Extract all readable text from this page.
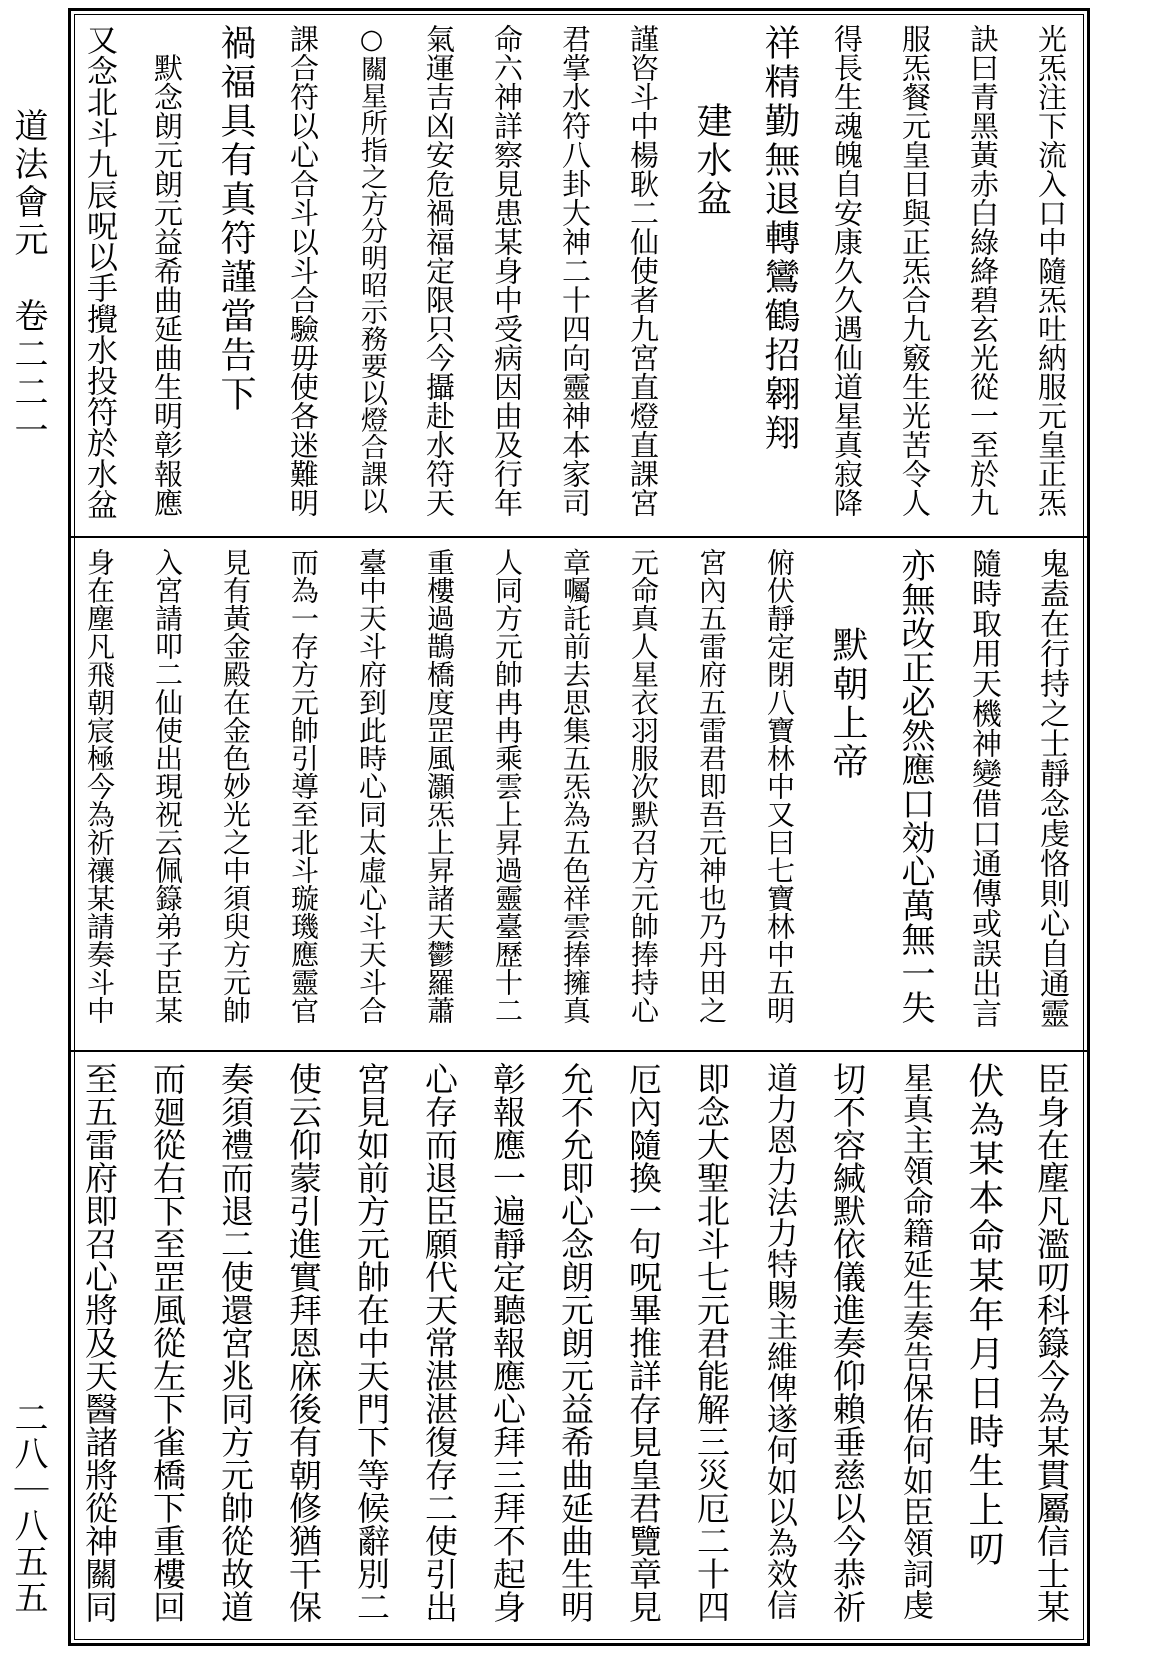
道法會元　卷二二一
二八｜八五五
光炁注下流入口中隨炁吐納服元皇正炁
訣曰青黑黃赤白綠絳碧玄光從一至於九
服炁餐元皇日與正炁合九竅生光苦令人
得長生魂魄自安康久久遇仙道星真寂降
祥精勤無退轉鸞鶴招翱翔
　　建水盆
謹咨斗中楊耿二仙使者九宮直燈直課宮
君掌水符八卦大神二十四向靈神本家司
命六神詳察見患某身中受病因由及行年
氣運吉凶安危禍福定限只今攝赴水符天
○關星所指之方分明昭示務要以燈合課以
課合符以心合斗以斗合驗毋使各迷難明
禍福具有真符謹當告下
　默念朗元朗元益希曲延曲生明彰報應
又念北斗九辰呪以手攪水投符於水盆
鬼盍在行持之士靜念虔恪則心自通靈
隨時取用天機神變借口通傳或誤出言
亦無改正必然應口効心萬無一失
　　默朝上帝
俯伏靜定閉八寶林中又曰七寶林中五明
宮內五雷府五雷君即吾元神也乃丹田之
元命真人星衣羽服次默召方元帥捧持心
章囑託前去思集五炁為五色祥雲捧擁真
人同方元帥冉冉乘雲上昇過靈臺歷十二
重樓過鵲橋度罡風灝炁上昇諸天鬱羅蕭
臺中天斗府到此時心同太虛心斗天斗合
而為一存方元帥引導至北斗璇璣應靈官
見有黃金殿在金色妙光之中須臾方元帥
入宮請叩二仙使出現祝云佩籙弟子臣某
身在塵凡飛朝宸極今為祈禳某請奏斗中
臣身在塵凡濫叨科籙今為某貫屬信士某
伏為某本命某年月日時生上叨
星真主領命籍延生奏告保佑何如臣領詞虔
切不容緘默依儀進奏仰賴垂慈以今恭祈
道力恩力法力特賜主維俾遂何如以為效信
即念大聖北斗七元君能解三災厄二十四
厄內隨換一句呪畢推詳存見皇君覽章見
允不允即心念朗元朗元益希曲延曲生明
彰報應一遍靜定聽報應心拜三拜不起身
心存而退臣願代天常湛湛復存二使引出
宮見如前方元帥在中天門下等候辭別二
使云仰蒙引進實拜恩庥後有朝修猶干保
奏須禮而退二使還宮兆同方元帥從故道
而廻從右下至罡風從左下雀橋下重樓回
至五雷府即召心將及天醫諸將從神關同
